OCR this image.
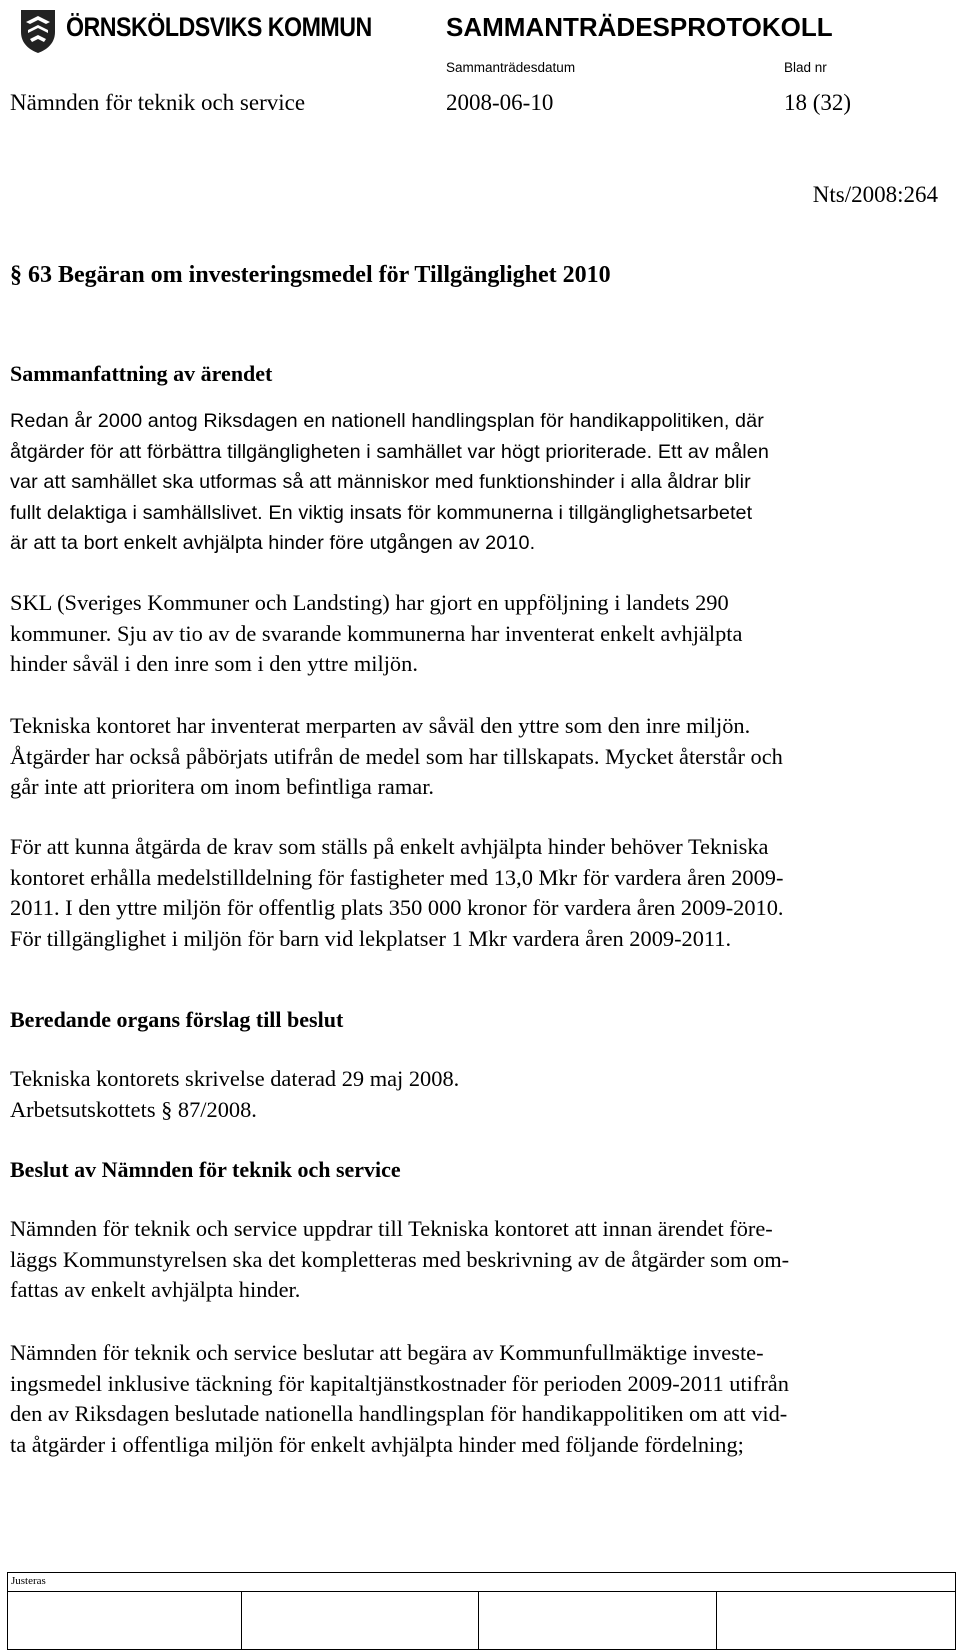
ÖRNSKÖLDSVIKS KOMMUN	SAMMANTRÄDESPROTOKOLL
Sammanträdesdatum	Blad nr
Nämnden för teknik och service	2008-06-10	18 (32)
Nts/2008:264
§ 63 Begäran om investeringsmedel för Tillgänglighet 2010
Sammanfattning av ärendet
Redan år 2000 antog Riksdagen en nationell handlingsplan för handikappolitiken, där
åtgärder för att förbättra tillgängligheten i samhället var högt prioriterade. Ett av målen
var att samhället ska utformas så att människor med funktionshinder i alla åldrar blir
fullt delaktiga i samhällslivet. En viktig insats för kommunerna i tillgänglighetsarbetet
är att ta bort enkelt avhjälpta hinder före utgången av 2010.
SKL (Sveriges Kommuner och Landsting) har gjort en uppföljning i landets 290
kommuner. Sju av tio av de svarande kommunerna har inventerat enkelt avhjälpta
hinder såväl i den inre som i den yttre miljön.
Tekniska kontoret har inventerat merparten av såväl den yttre som den inre miljön.
Åtgärder har också påbörjats utifrån de medel som har tillskapats. Mycket återstår och
går inte att prioritera om inom befintliga ramar.
För att kunna åtgärda de krav som ställs på enkelt avhjälpta hinder behöver Tekniska
kontoret erhålla medelstilldelning för fastigheter med 13,0 Mkr för vardera åren 2009-
2011. I den yttre miljön för offentlig plats 350 000 kronor för vardera åren 2009-2010.
För tillgänglighet i miljön för barn vid lekplatser 1 Mkr vardera åren 2009-2011.
Beredande organs förslag till beslut
Tekniska kontorets skrivelse daterad 29 maj 2008.
Arbetsutskottets § 87/2008.
Beslut av Nämnden för teknik och service
Nämnden för teknik och service uppdrar till Tekniska kontoret att innan ärendet före-
läggs Kommunstyrelsen ska det kompletteras med beskrivning av de åtgärder som om-
fattas av enkelt avhjälpta hinder.
Nämnden för teknik och service beslutar att begära av Kommunfullmäktige investe-
ingsmedel inklusive täckning för kapitaltjänstkostnader för perioden 2009-2011 utifrån
den av Riksdagen beslutade nationella handlingsplan för handikappolitiken om att vid-
ta åtgärder i offentliga miljön för enkelt avhjälpta hinder med följande fördelning;
Justeras
